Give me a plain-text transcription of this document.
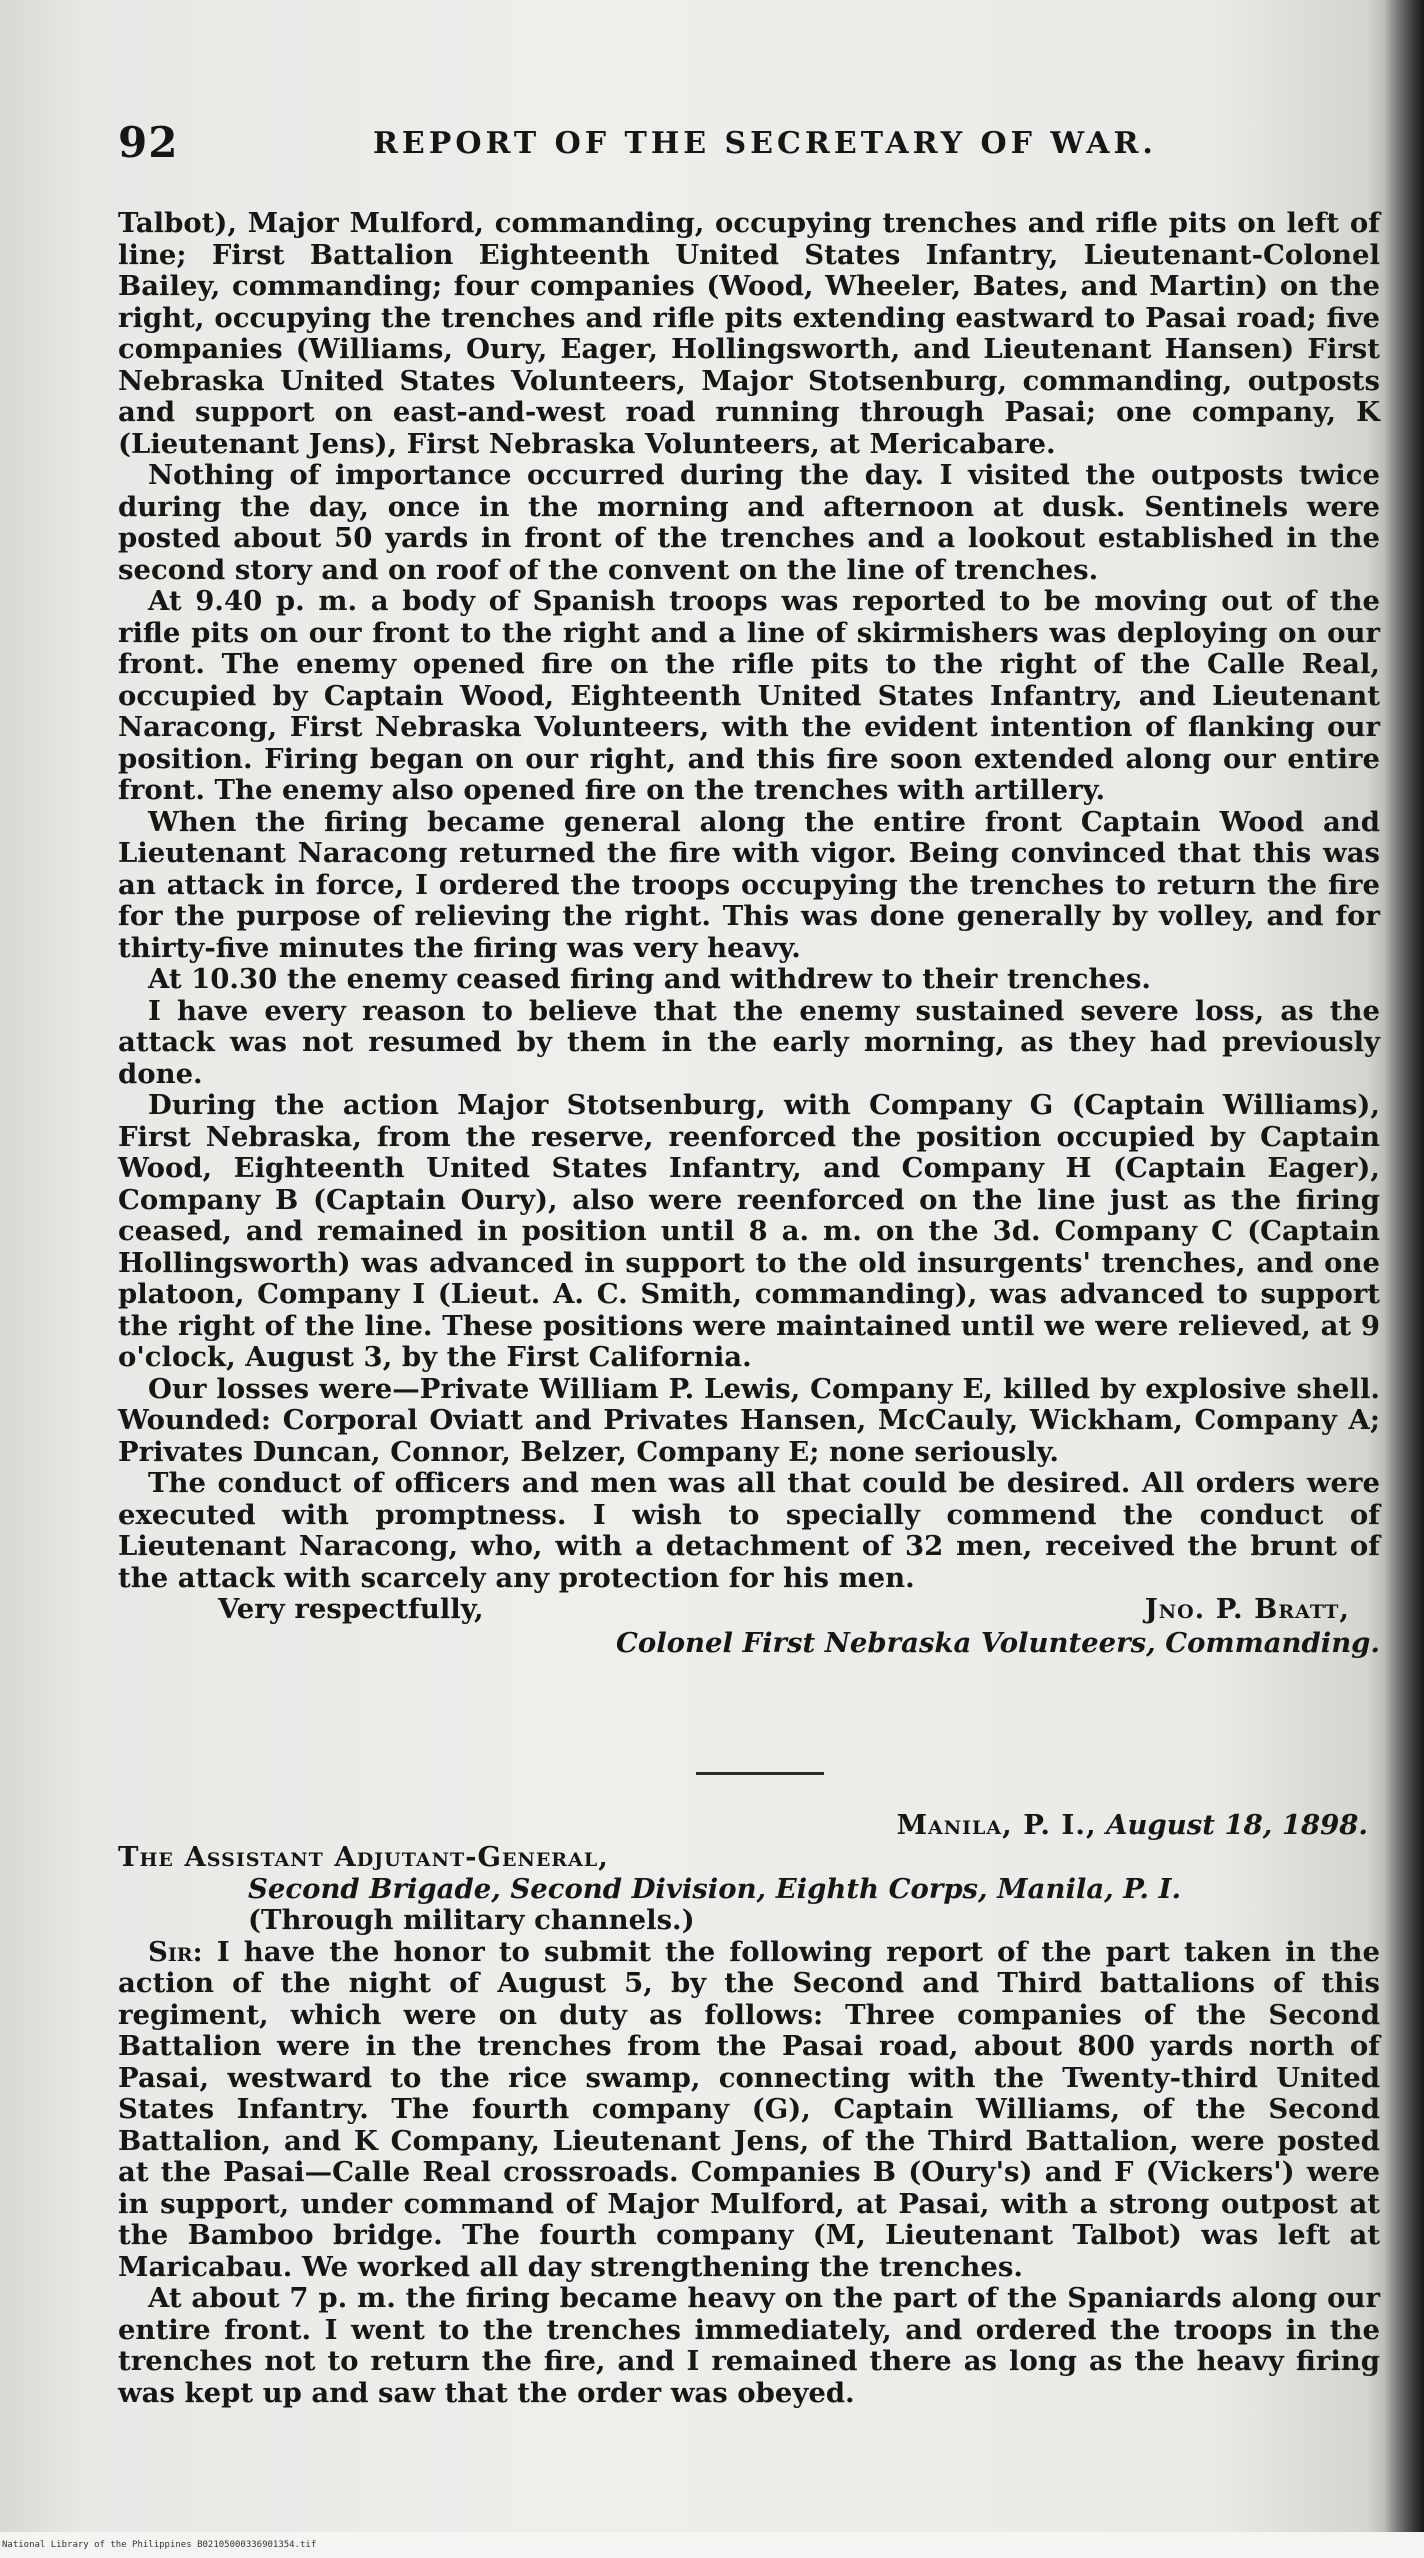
92	REPORT OF THE SECRETARY OF WAR.

Talbot), Major Mulford, commanding, occupying trenches and rifle pits on left of line; First Battalion Eighteenth United States Infantry, Lieutenant-Colonel Bailey, commanding; four companies (Wood, Wheeler, Bates, and Martin) on the right, occupying the trenches and rifle pits extending eastward to Pasai road; five companies (Williams, Oury, Eager, Hollingsworth, and Lieutenant Hansen) First Nebraska United States Volunteers, Major Stotsenburg, commanding, outposts and support on east-and-west road running through Pasai; one company, K (Lieutenant Jens), First Nebraska Volunteers, at Mericabare.

Nothing of importance occurred during the day. I visited the outposts twice during the day, once in the morning and afternoon at dusk. Sentinels were posted about 50 yards in front of the trenches and a lookout established in the second story and on roof of the convent on the line of trenches.

At 9.40 p. m. a body of Spanish troops was reported to be moving out of the rifle pits on our front to the right and a line of skirmishers was deploying on our front. The enemy opened fire on the rifle pits to the right of the Calle Real, occupied by Captain Wood, Eighteenth United States Infantry, and Lieutenant Naracong, First Nebraska Volunteers, with the evident intention of flanking our position. Firing began on our right, and this fire soon extended along our entire front. The enemy also opened fire on the trenches with artillery.

When the firing became general along the entire front Captain Wood and Lieutenant Naracong returned the fire with vigor. Being convinced that this was an attack in force, I ordered the troops occupying the trenches to return the fire for the purpose of relieving the right. This was done generally by volley, and for thirty-five minutes the firing was very heavy.

At 10.30 the enemy ceased firing and withdrew to their trenches.

I have every reason to believe that the enemy sustained severe loss, as the attack was not resumed by them in the early morning, as they had previously done.

During the action Major Stotsenburg, with Company G (Captain Williams), First Nebraska, from the reserve, reenforced the position occupied by Captain Wood, Eighteenth United States Infantry, and Company H (Captain Eager), Company B (Captain Oury), also were reenforced on the line just as the firing ceased, and remained in position until 8 a. m. on the 3d. Company C (Captain Hollingsworth) was advanced in support to the old insurgents' trenches, and one platoon, Company I (Lieut. A. C. Smith, commanding), was advanced to support the right of the line. These positions were maintained until we were relieved, at 9 o'clock, August 3, by the First California.

Our losses were—Private William P. Lewis, Company E, killed by explosive shell. Wounded: Corporal Oviatt and Privates Hansen, McCauly, Wickham, Company A; Privates Duncan, Connor, Belzer, Company E; none seriously.

The conduct of officers and men was all that could be desired. All orders were executed with promptness. I wish to specially commend the conduct of Lieutenant Naracong, who, with a detachment of 32 men, received the brunt of the attack with scarcely any protection for his men.

Very respectfully,	Jno. P. Bratt,
Colonel First Nebraska Volunteers, Commanding.

Manila, P. I., August 18, 1898.

The Assistant Adjutant-General,

Second Brigade, Second Division, Eighth Corps, Manila, P. I.

(Through military channels.)

Sir: I have the honor to submit the following report of the part taken in the action of the night of August 5, by the Second and Third battalions of this regiment, which were on duty as follows: Three companies of the Second Battalion were in the trenches from the Pasai road, about 800 yards north of Pasai, westward to the rice swamp, connecting with the Twenty-third United States Infantry. The fourth company (G), Captain Williams, of the Second Battalion, and K Company, Lieutenant Jens, of the Third Battalion, were posted at the Pasai—Calle Real crossroads. Companies B (Oury's) and F (Vickers') were in support, under command of Major Mulford, at Pasai, with a strong outpost at the Bamboo bridge. The fourth company (M, Lieutenant Talbot) was left at Maricabau. We worked all day strengthening the trenches.

At about 7 p. m. the firing became heavy on the part of the Spaniards along our entire front. I went to the trenches immediately, and ordered the troops in the trenches not to return the fire, and I remained there as long as the heavy firing was kept up and saw that the order was obeyed.

National Library of the Philippines B02105000336901354.tif
